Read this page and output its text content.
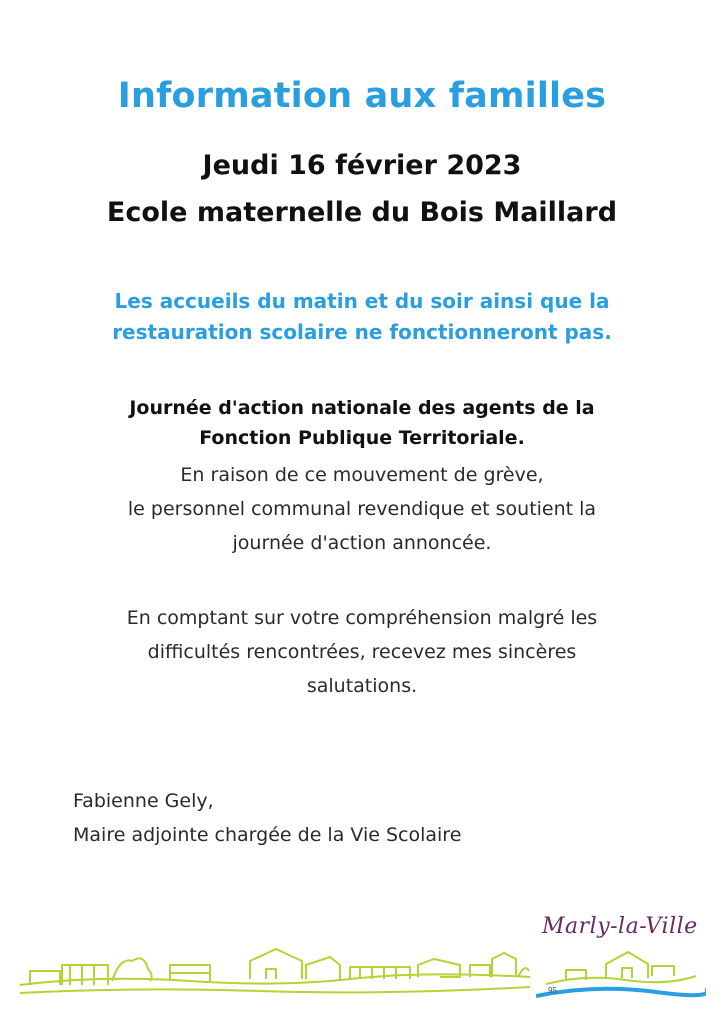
Information aux familles
Jeudi 16 février 2023
Ecole maternelle du Bois Maillard
Les accueils du matin et du soir ainsi que la
restauration scolaire ne fonctionneront pas.
Journée d'action nationale des agents de la
Fonction Publique Territoriale.
En raison de ce mouvement de grève,
le personnel communal revendique et soutient la
journée d'action annoncée.
En comptant sur votre compréhension malgré les
difficultés rencontrées, recevez mes sincères
salutations.
Fabienne Gely,
Maire adjointe chargée de la Vie Scolaire
Marly-la-Ville
95
